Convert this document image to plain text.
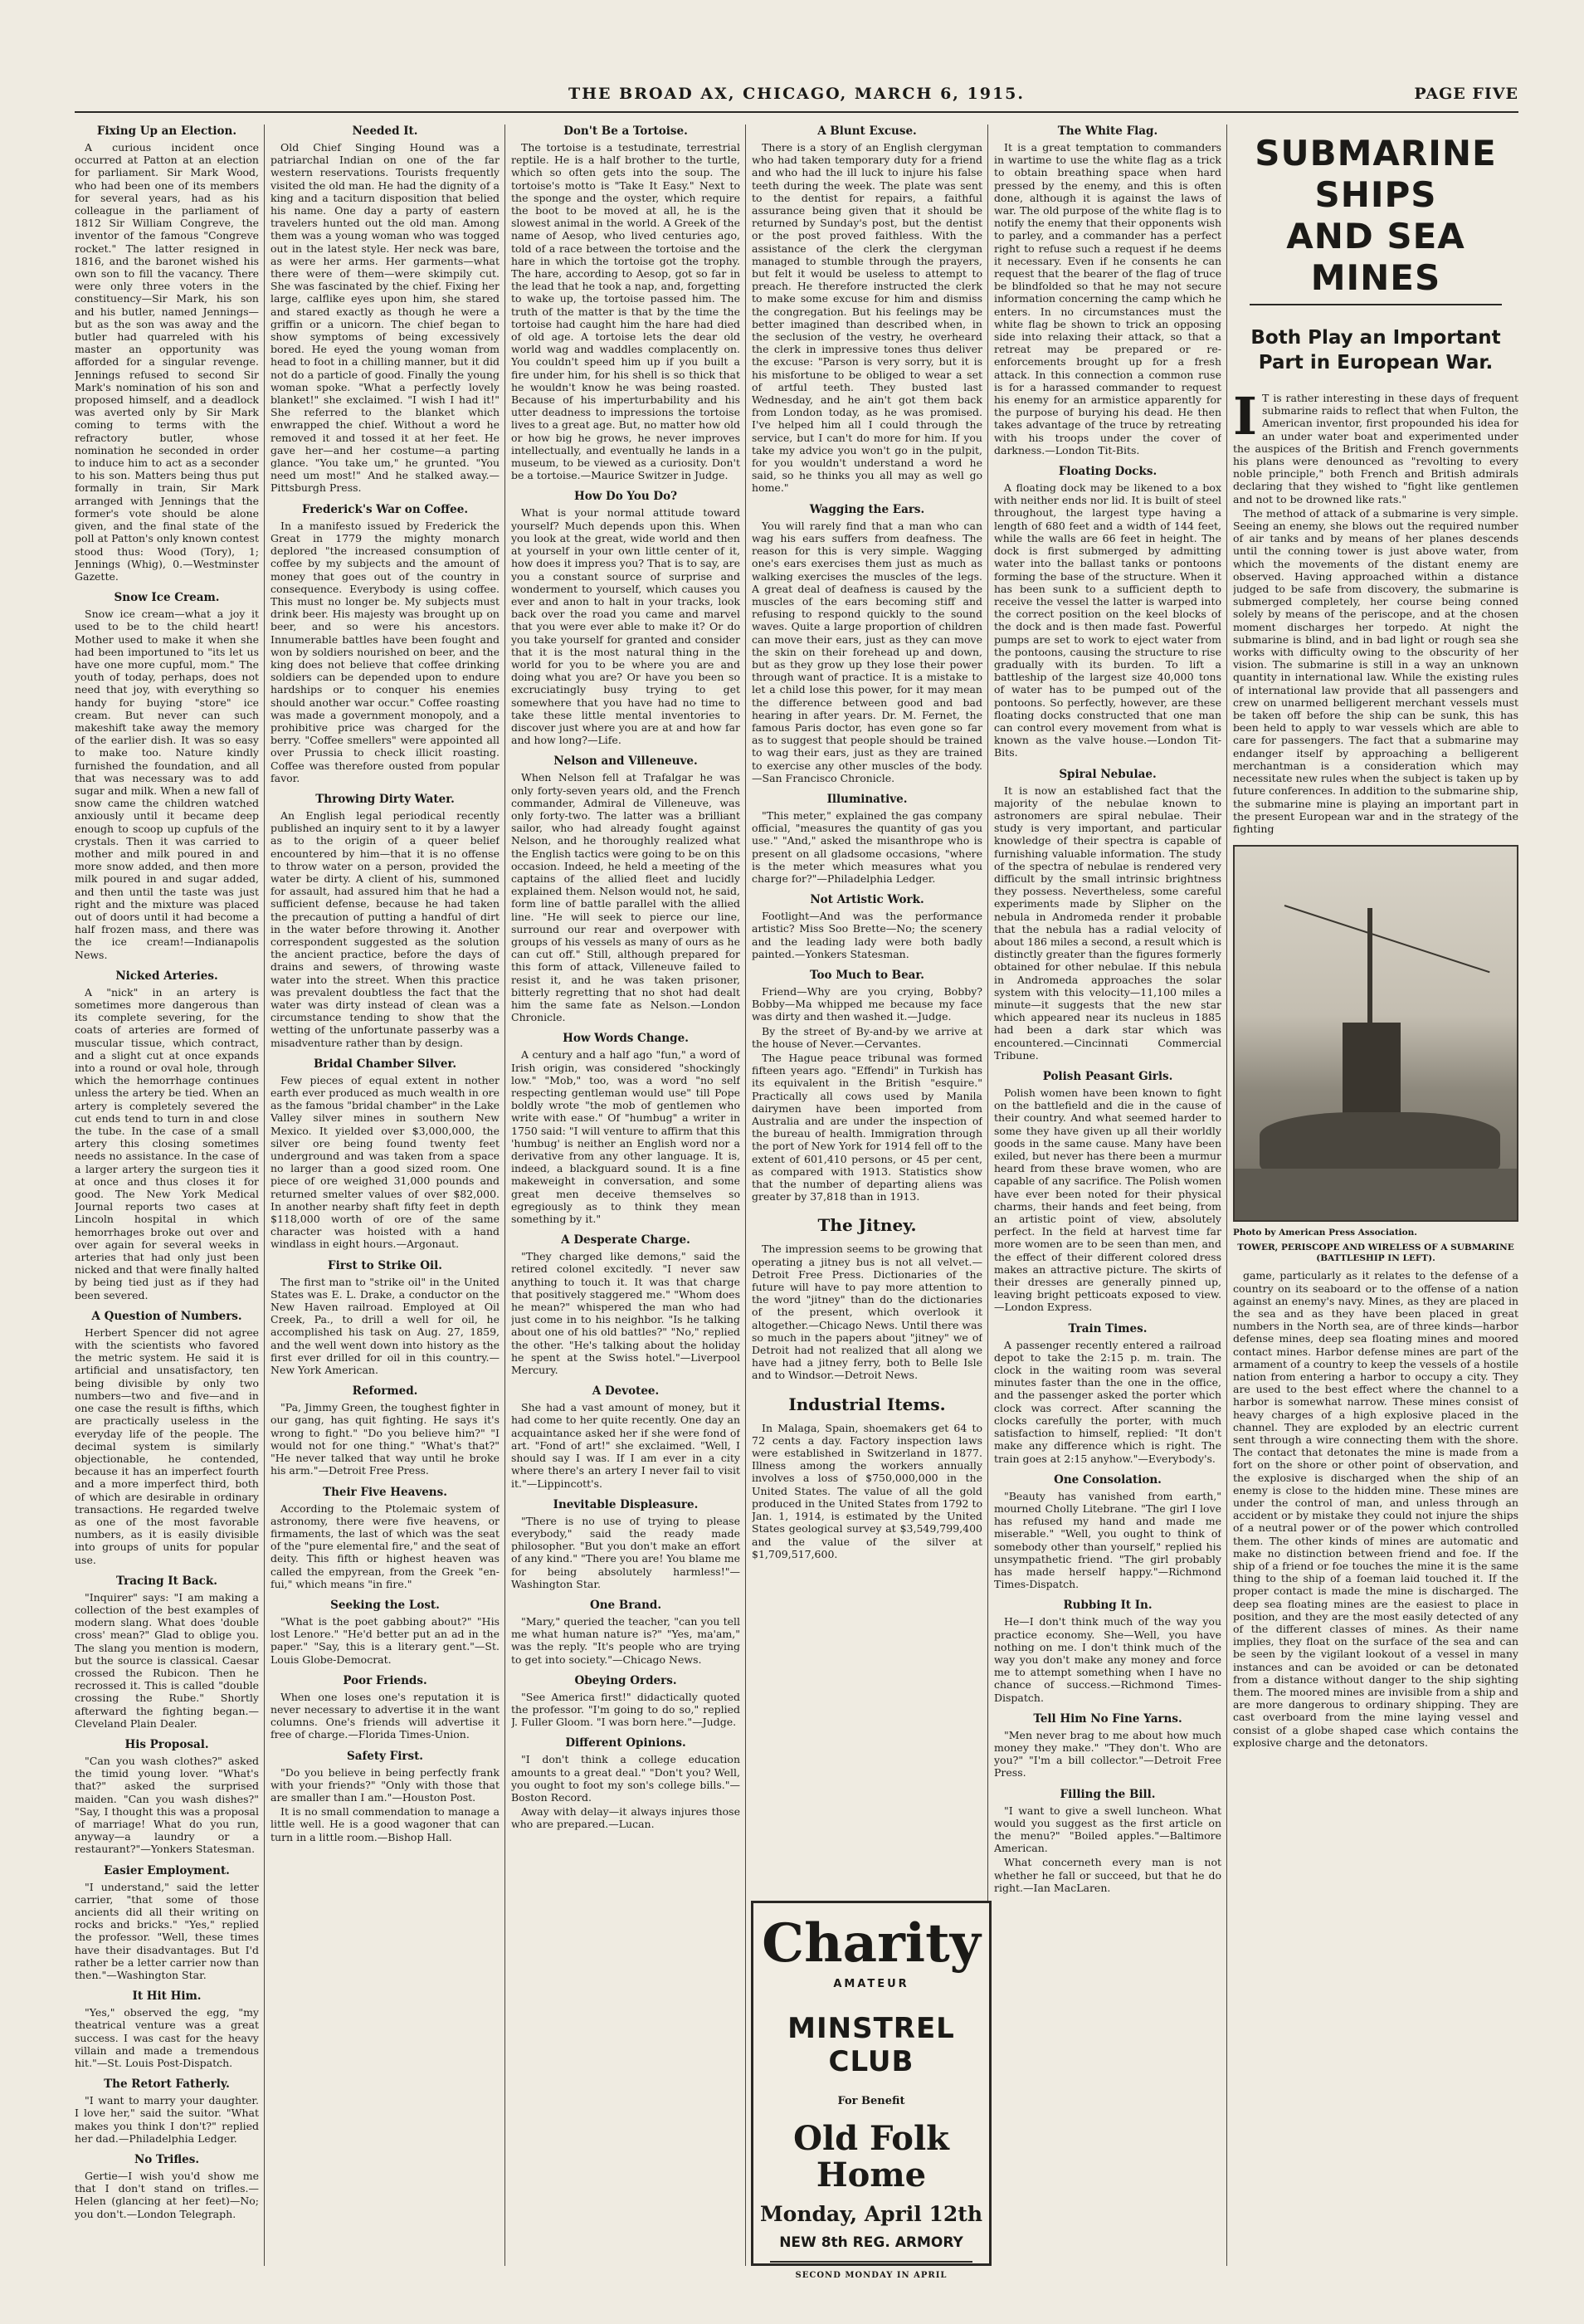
THE BROAD AX, CHICAGO, MARCH 6, 1915.	PAGE FIVE
Fixing Up an Election.
A curious incident once occurred at Patton at an election for parliament. Sir Mark Wood, who had been one of its members for several years, had as his colleague in the parliament of 1812 Sir William Congreve, the inventor of the famous "Congreve rocket." The latter resigned in 1816, and the baronet wished his own son to fill the vacancy. There were only three voters in the constituency—Sir Mark, his son and his butler, named Jennings—but as the son was away and the butler had quarreled with his master an opportunity was afforded for a singular revenge. Jennings refused to second Sir Mark's nomination of his son and proposed himself, and a deadlock was averted only by Sir Mark coming to terms with the refractory butler, whose nomination he seconded in order to induce him to act as a seconder to his son. Matters being thus put formally in train, Sir Mark arranged with Jennings that the former's vote should be alone given, and the final state of the poll at Patton's only known contest stood thus: Wood (Tory), 1; Jennings (Whig), 0.—Westminster Gazette.
Snow Ice Cream.
Snow ice cream—what a joy it used to be to the child heart! Mother used to make it when she had been importuned to "its let us have one more cupful, mom." The youth of today, perhaps, does not need that joy, with everything so handy for buying "store" ice cream. But never can such makeshift take away the memory of the earlier dish. It was so easy to make too. Nature kindly furnished the foundation, and all that was necessary was to add sugar and milk. When a new fall of snow came the children watched anxiously until it became deep enough to scoop up cupfuls of the crystals. Then it was carried to mother and milk poured in and more snow added, and then more milk poured in and sugar added, and then until the taste was just right and the mixture was placed out of doors until it had become a half frozen mass, and there was the ice cream!—Indianapolis News.
Nicked Arteries.
A "nick" in an artery is sometimes more dangerous than its complete severing, for the coats of arteries are formed of muscular tissue, which contract, and a slight cut at once expands into a round or oval hole, through which the hemorrhage continues unless the artery be tied. When an artery is completely severed the cut ends tend to turn in and close the tube. In the case of a small artery this closing sometimes needs no assistance. In the case of a larger artery the surgeon ties it at once and thus closes it for good. The New York Medical Journal reports two cases at Lincoln hospital in which hemorrhages broke out over and over again for several weeks in arteries that had only just been nicked and that were finally halted by being tied just as if they had been severed.
A Question of Numbers.
Herbert Spencer did not agree with the scientists who favored the metric system. He said it is artificial and unsatisfactory, ten being divisible by only two numbers—two and five—and in one case the result is fifths, which are practically useless in the everyday life of the people. The decimal system is similarly objectionable, he contended, because it has an imperfect fourth and a more imperfect third, both of which are desirable in ordinary transactions. He regarded twelve as one of the most favorable numbers, as it is easily divisible into groups of units for popular use.
Tracing It Back.
"Inquirer" says: "I am making a collection of the best examples of modern slang. What does 'double cross' mean?" Glad to oblige you. The slang you mention is modern, but the source is classical. Caesar crossed the Rubicon. Then he recrossed it. This is called "double crossing the Rube." Shortly afterward the fighting began.—Cleveland Plain Dealer.
His Proposal.
"Can you wash clothes?" asked the timid young lover. "What's that?" asked the surprised maiden. "Can you wash dishes?" "Say, I thought this was a proposal of marriage! What do you run, anyway—a laundry or a restaurant?"—Yonkers Statesman.
Easier Employment.
"I understand," said the letter carrier, "that some of those ancients did all their writing on rocks and bricks." "Yes," replied the professor. "Well, these times have their disadvantages. But I'd rather be a letter carrier now than then."—Washington Star.
It Hit Him.
"Yes," observed the egg, "my theatrical venture was a great success. I was cast for the heavy villain and made a tremendous hit."—St. Louis Post-Dispatch.
The Retort Fatherly.
"I want to marry your daughter. I love her," said the suitor. "What makes you think I don't?" replied her dad.—Philadelphia Ledger.
No Trifles.
Gertie—I wish you'd show me that I don't stand on trifles.—Helen (glancing at her feet)—No; you don't.—London Telegraph.
Needed It.
Old Chief Singing Hound was a patriarchal Indian on one of the far western reservations. Tourists frequently visited the old man. He had the dignity of a king and a taciturn disposition that belied his name. One day a party of eastern travelers hunted out the old man. Among them was a young woman who was togged out in the latest style. Her neck was bare, as were her arms. Her garments—what there were of them—were skimpily cut. She was fascinated by the chief. Fixing her large, calflike eyes upon him, she stared and stared exactly as though he were a griffin or a unicorn. The chief began to show symptoms of being excessively bored. He eyed the young woman from head to foot in a chilling manner, but it did not do a particle of good. Finally the young woman spoke. "What a perfectly lovely blanket!" she exclaimed. "I wish I had it!" She referred to the blanket which enwrapped the chief. Without a word he removed it and tossed it at her feet. He gave her—and her costume—a parting glance. "You take um," he grunted. "You need um most!" And he stalked away.—Pittsburgh Press.
Frederick's War on Coffee.
In a manifesto issued by Frederick the Great in 1779 the mighty monarch deplored "the increased consumption of coffee by my subjects and the amount of money that goes out of the country in consequence. Everybody is using coffee. This must no longer be. My subjects must drink beer. His majesty was brought up on beer, and so were his ancestors. Innumerable battles have been fought and won by soldiers nourished on beer, and the king does not believe that coffee drinking soldiers can be depended upon to endure hardships or to conquer his enemies should another war occur." Coffee roasting was made a government monopoly, and a prohibitive price was charged for the berry. "Coffee smellers" were appointed all over Prussia to check illicit roasting. Coffee was therefore ousted from popular favor.
Throwing Dirty Water.
An English legal periodical recently published an inquiry sent to it by a lawyer as to the origin of a queer belief encountered by him—that it is no offense to throw water on a person, provided the water be dirty. A client of his, summoned for assault, had assured him that he had a sufficient defense, because he had taken the precaution of putting a handful of dirt in the water before throwing it. Another correspondent suggested as the solution the ancient practice, before the days of drains and sewers, of throwing waste water into the street. When this practice was prevalent doubtless the fact that the water was dirty instead of clean was a circumstance tending to show that the wetting of the unfortunate passerby was a misadventure rather than by design.
Bridal Chamber Silver.
Few pieces of equal extent in nother earth ever produced as much wealth in ore as the famous "bridal chamber" in the Lake Valley silver mines in southern New Mexico. It yielded over $3,000,000, the silver ore being found twenty feet underground and was taken from a space no larger than a good sized room. One piece of ore weighed 31,000 pounds and returned smelter values of over $82,000. In another nearby shaft fifty feet in depth $118,000 worth of ore of the same character was hoisted with a hand windlass in eight hours.—Argonaut.
First to Strike Oil.
The first man to "strike oil" in the United States was E. L. Drake, a conductor on the New Haven railroad. Employed at Oil Creek, Pa., to drill a well for oil, he accomplished his task on Aug. 27, 1859, and the well went down into history as the first ever drilled for oil in this country.—New York American.
Reformed.
"Pa, Jimmy Green, the toughest fighter in our gang, has quit fighting. He says it's wrong to fight." "Do you believe him?" "I would not for one thing." "What's that?" "He never talked that way until he broke his arm."—Detroit Free Press.
Their Five Heavens.
According to the Ptolemaic system of astronomy, there were five heavens, or firmaments, the last of which was the seat of the "pure elemental fire," and the seat of deity. This fifth or highest heaven was called the empyrean, from the Greek "en-fui," which means "in fire."
Seeking the Lost.
"What is the poet gabbing about?" "His lost Lenore." "He'd better put an ad in the paper." "Say, this is a literary gent."—St. Louis Globe-Democrat.
Poor Friends.
When one loses one's reputation it is never necessary to advertise it in the want columns. One's friends will advertise it free of charge.—Florida Times-Union.
Safety First.
"Do you believe in being perfectly frank with your friends?" "Only with those that are smaller than I am."—Houston Post.
It is no small commendation to manage a little well. He is a good wagoner that can turn in a little room.—Bishop Hall.
Don't Be a Tortoise.
The tortoise is a testudinate, terrestrial reptile. He is a half brother to the turtle, which so often gets into the soup. The tortoise's motto is "Take It Easy." Next to the sponge and the oyster, which require the boot to be moved at all, he is the slowest animal in the world. A Greek of the name of Aesop, who lived centuries ago, told of a race between the tortoise and the hare in which the tortoise got the trophy. The hare, according to Aesop, got so far in the lead that he took a nap, and, forgetting to wake up, the tortoise passed him. The truth of the matter is that by the time the tortoise had caught him the hare had died of old age. A tortoise lets the dear old world wag and waddles complacently on. You couldn't speed him up if you built a fire under him, for his shell is so thick that he wouldn't know he was being roasted. Because of his imperturbability and his utter deadness to impressions the tortoise lives to a great age. But, no matter how old or how big he grows, he never improves intellectually, and eventually he lands in a museum, to be viewed as a curiosity. Don't be a tortoise.—Maurice Switzer in Judge.
How Do You Do?
What is your normal attitude toward yourself? Much depends upon this. When you look at the great, wide world and then at yourself in your own little center of it, how does it impress you? That is to say, are you a constant source of surprise and wonderment to yourself, which causes you ever and anon to halt in your tracks, look back over the road you came and marvel that you were ever able to make it? Or do you take yourself for granted and consider that it is the most natural thing in the world for you to be where you are and doing what you are? Or have you been so excruciatingly busy trying to get somewhere that you have had no time to take these little mental inventories to discover just where you are at and how far and how long?—Life.
Nelson and Villeneuve.
When Nelson fell at Trafalgar he was only forty-seven years old, and the French commander, Admiral de Villeneuve, was only forty-two. The latter was a brilliant sailor, who had already fought against Nelson, and he thoroughly realized what the English tactics were going to be on this occasion. Indeed, he held a meeting of the captains of the allied fleet and lucidly explained them. Nelson would not, he said, form line of battle parallel with the allied line. "He will seek to pierce our line, surround our rear and overpower with groups of his vessels as many of ours as he can cut off." Still, although prepared for this form of attack, Villeneuve failed to resist it, and he was taken prisoner, bitterly regretting that no shot had dealt him the same fate as Nelson.—London Chronicle.
How Words Change.
A century and a half ago "fun," a word of Irish origin, was considered "shockingly low." "Mob," too, was a word "no self respecting gentleman would use" till Pope boldly wrote "the mob of gentlemen who write with ease." Of "humbug" a writer in 1750 said: "I will venture to affirm that this 'humbug' is neither an English word nor a derivative from any other language. It is, indeed, a blackguard sound. It is a fine makeweight in conversation, and some great men deceive themselves so egregiously as to think they mean something by it."
A Desperate Charge.
"They charged like demons," said the retired colonel excitedly. "I never saw anything to touch it. It was that charge that positively staggered me." "Whom does he mean?" whispered the man who had just come in to his neighbor. "Is he talking about one of his old battles?" "No," replied the other. "He's talking about the holiday he spent at the Swiss hotel."—Liverpool Mercury.
A Devotee.
She had a vast amount of money, but it had come to her quite recently. One day an acquaintance asked her if she were fond of art. "Fond of art!" she exclaimed. "Well, I should say I was. If I am ever in a city where there's an artery I never fail to visit it."—Lippincott's.
Inevitable Displeasure.
"There is no use of trying to please everybody," said the ready made philosopher. "But you don't make an effort of any kind." "There you are! You blame me for being absolutely harmless!"—Washington Star.
One Brand.
"Mary," queried the teacher, "can you tell me what human nature is?" "Yes, ma'am," was the reply. "It's people who are trying to get into society."—Chicago News.
Obeying Orders.
"See America first!" didactically quoted the professor. "I'm going to do so," replied J. Fuller Gloom. "I was born here."—Judge.
Different Opinions.
"I don't think a college education amounts to a great deal." "Don't you? Well, you ought to foot my son's college bills."—Boston Record.
Away with delay—it always injures those who are prepared.—Lucan.
A Blunt Excuse.
There is a story of an English clergyman who had taken temporary duty for a friend and who had the ill luck to injure his false teeth during the week. The plate was sent to the dentist for repairs, a faithful assurance being given that it should be returned by Sunday's post, but the dentist or the post proved faithless. With the assistance of the clerk the clergyman managed to stumble through the prayers, but felt it would be useless to attempt to preach. He therefore instructed the clerk to make some excuse for him and dismiss the congregation. But his feelings may be better imagined than described when, in the seclusion of the vestry, he overheard the clerk in impressive tones thus deliver the excuse: "Parson is very sorry, but it is his misfortune to be obliged to wear a set of artful teeth. They busted last Wednesday, and he ain't got them back from London today, as he was promised. I've helped him all I could through the service, but I can't do more for him. If you take my advice you won't go in the pulpit, for you wouldn't understand a word he said, so he thinks you all may as well go home."
Wagging the Ears.
You will rarely find that a man who can wag his ears suffers from deafness. The reason for this is very simple. Wagging one's ears exercises them just as much as walking exercises the muscles of the legs. A great deal of deafness is caused by the muscles of the ears becoming stiff and refusing to respond quickly to the sound waves. Quite a large proportion of children can move their ears, just as they can move the skin on their forehead up and down, but as they grow up they lose their power through want of practice. It is a mistake to let a child lose this power, for it may mean the difference between good and bad hearing in after years. Dr. M. Fernet, the famous Paris doctor, has even gone so far as to suggest that people should be trained to wag their ears, just as they are trained to exercise any other muscles of the body.—San Francisco Chronicle.
Illuminative.
"This meter," explained the gas company official, "measures the quantity of gas you use." "And," asked the misanthrope who is present on all gladsome occasions, "where is the meter which measures what you charge for?"—Philadelphia Ledger.
Not Artistic Work.
Footlight—And was the performance artistic? Miss Soo Brette—No; the scenery and the leading lady were both badly painted.—Yonkers Statesman.
Too Much to Bear.
Friend—Why are you crying, Bobby? Bobby—Ma whipped me because my face was dirty and then washed it.—Judge.
By the street of By-and-by we arrive at the house of Never.—Cervantes.
The Hague peace tribunal was formed fifteen years ago. "Effendi" in Turkish has its equivalent in the British "esquire." Practically all cows used by Manila dairymen have been imported from Australia and are under the inspection of the bureau of health. Immigration through the port of New York for 1914 fell off to the extent of 601,410 persons, or 45 per cent, as compared with 1913. Statistics show that the number of departing aliens was greater by 37,818 than in 1913.
The Jitney.
The impression seems to be growing that operating a jitney bus is not all velvet.—Detroit Free Press. Dictionaries of the future will have to pay more attention to the word "jitney" than do the dictionaries of the present, which overlook it altogether.—Chicago News. Until there was so much in the papers about "jitney" we of Detroit had not realized that all along we have had a jitney ferry, both to Belle Isle and to Windsor.—Detroit News.
Industrial Items.
In Malaga, Spain, shoemakers get 64 to 72 cents a day. Factory inspection laws were established in Switzerland in 1877. Illness among the workers annually involves a loss of $750,000,000 in the United States. The value of all the gold produced in the United States from 1792 to Jan. 1, 1914, is estimated by the United States geological survey at $3,549,799,400 and the value of the silver at $1,709,517,600.
The White Flag.
It is a great temptation to commanders in wartime to use the white flag as a trick to obtain breathing space when hard pressed by the enemy, and this is often done, although it is against the laws of war. The old purpose of the white flag is to notify the enemy that their opponents wish to parley, and a commander has a perfect right to refuse such a request if he deems it necessary. Even if he consents he can request that the bearer of the flag of truce be blindfolded so that he may not secure information concerning the camp which he enters. In no circumstances must the white flag be shown to trick an opposing side into relaxing their attack, so that a retreat may be prepared or re-enforcements brought up for a fresh attack. In this connection a common ruse is for a harassed commander to request his enemy for an armistice apparently for the purpose of burying his dead. He then takes advantage of the truce by retreating with his troops under the cover of darkness.—London Tit-Bits.
Floating Docks.
A floating dock may be likened to a box with neither ends nor lid. It is built of steel throughout, the largest type having a length of 680 feet and a width of 144 feet, while the walls are 66 feet in height. The dock is first submerged by admitting water into the ballast tanks or pontoons forming the base of the structure. When it has been sunk to a sufficient depth to receive the vessel the latter is warped into the correct position on the keel blocks of the dock and is then made fast. Powerful pumps are set to work to eject water from the pontoons, causing the structure to rise gradually with its burden. To lift a battleship of the largest size 40,000 tons of water has to be pumped out of the pontoons. So perfectly, however, are these floating docks constructed that one man can control every movement from what is known as the valve house.—London Tit-Bits.
Spiral Nebulae.
It is now an established fact that the majority of the nebulae known to astronomers are spiral nebulae. Their study is very important, and particular knowledge of their spectra is capable of furnishing valuable information. The study of the spectra of nebulae is rendered very difficult by the small intrinsic brightness they possess. Nevertheless, some careful experiments made by Slipher on the nebula in Andromeda render it probable that the nebula has a radial velocity of about 186 miles a second, a result which is distinctly greater than the figures formerly obtained for other nebulae. If this nebula in Andromeda approaches the solar system with this velocity—11,100 miles a minute—it suggests that the new star which appeared near its nucleus in 1885 had been a dark star which was encountered.—Cincinnati Commercial Tribune.
Polish Peasant Girls.
Polish women have been known to fight on the battlefield and die in the cause of their country. And what seemed harder to some they have given up all their worldly goods in the same cause. Many have been exiled, but never has there been a murmur heard from these brave women, who are capable of any sacrifice. The Polish women have ever been noted for their physical charms, their hands and feet being, from an artistic point of view, absolutely perfect. In the field at harvest time far more women are to be seen than men, and the effect of their different colored dress makes an attractive picture. The skirts of their dresses are generally pinned up, leaving bright petticoats exposed to view.—London Express.
Train Times.
A passenger recently entered a railroad depot to take the 2:15 p. m. train. The clock in the waiting room was several minutes faster than the one in the office, and the passenger asked the porter which clock was correct. After scanning the clocks carefully the porter, with much satisfaction to himself, replied: "It don't make any difference which is right. The train goes at 2:15 anyhow."—Everybody's.
One Consolation.
"Beauty has vanished from earth," mourned Cholly Litebrane. "The girl I love has refused my hand and made me miserable." "Well, you ought to think of somebody other than yourself," replied his unsympathetic friend. "The girl probably has made herself happy."—Richmond Times-Dispatch.
Rubbing It In.
He—I don't think much of the way you practice economy. She—Well, you have nothing on me. I don't think much of the way you don't make any money and force me to attempt something when I have no chance of success.—Richmond Times-Dispatch.
Tell Him No Fine Yarns.
"Men never brag to me about how much money they make." "They don't. Who are you?" "I'm a bill collector."—Detroit Free Press.
Filling the Bill.
"I want to give a swell luncheon. What would you suggest as the first article on the menu?" "Boiled apples."—Baltimore American.
What concerneth every man is not whether he fall or succeed, but that he do right.—Ian MacLaren.
SUBMARINE SHIPS
AND SEA MINES
Both Play an Important Part in European War.
I T is rather interesting in these days of frequent submarine raids to reflect that when Fulton, the American inventor, first propounded his idea for an under water boat and experimented under the auspices of the British and French governments his plans were denounced as "revolting to every noble principle," both French and British admirals declaring that they wished to "fight like gentlemen and not to be drowned like rats."
The method of attack of a submarine is very simple. Seeing an enemy, she blows out the required number of air tanks and by means of her planes descends until the conning tower is just above water, from which the movements of the distant enemy are observed. Having approached within a distance judged to be safe from discovery, the submarine is submerged completely, her course being conned solely by means of the periscope, and at the chosen moment discharges her torpedo. At night the submarine is blind, and in bad light or rough sea she works with difficulty owing to the obscurity of her vision. The submarine is still in a way an unknown quantity in international law. While the existing rules of international law provide that all passengers and crew on unarmed belligerent merchant vessels must be taken off before the ship can be sunk, this has been held to apply to war vessels which are able to care for passengers. The fact that a submarine may endanger itself by approaching a belligerent merchantman is a consideration which may necessitate new rules when the subject is taken up by future conferences. In addition to the submarine ship, the submarine mine is playing an important part in the present European war and in the strategy of the fighting
Photo by American Press Association.
TOWER, PERISCOPE AND WIRELESS OF A SUBMARINE (BATTLESHIP IN LEFT).
game, particularly as it relates to the defense of a country on its seaboard or to the offense of a nation against an enemy's navy. Mines, as they are placed in the sea and as they have been placed in great numbers in the North sea, are of three kinds—harbor defense mines, deep sea floating mines and moored contact mines. Harbor defense mines are part of the armament of a country to keep the vessels of a hostile nation from entering a harbor to occupy a city. They are used to the best effect where the channel to a harbor is somewhat narrow. These mines consist of heavy charges of a high explosive placed in the channel. They are exploded by an electric current sent through a wire connecting them with the shore. The contact that detonates the mine is made from a fort on the shore or other point of observation, and the explosive is discharged when the ship of an enemy is close to the hidden mine. These mines are under the control of man, and unless through an accident or by mistake they could not injure the ships of a neutral power or of the power which controlled them. The other kinds of mines are automatic and make no distinction between friend and foe. If the ship of a friend or foe touches the mine it is the same thing to the ship of a foeman laid touched it. If the proper contact is made the mine is discharged. The deep sea floating mines are the easiest to place in position, and they are the most easily detected of any of the different classes of mines. As their name implies, they float on the surface of the sea and can be seen by the vigilant lookout of a vessel in many instances and can be avoided or can be detonated from a distance without danger to the ship sighting them. The moored mines are invisible from a ship and are more dangerous to ordinary shipping. They are cast overboard from the mine laying vessel and consist of a globe shaped case which contains the explosive charge and the detonators.
Charity
AMATEUR
MINSTREL CLUB
For Benefit
Old Folk Home
Monday, April 12th
NEW 8th REG. ARMORY
SECOND MONDAY IN APRIL
